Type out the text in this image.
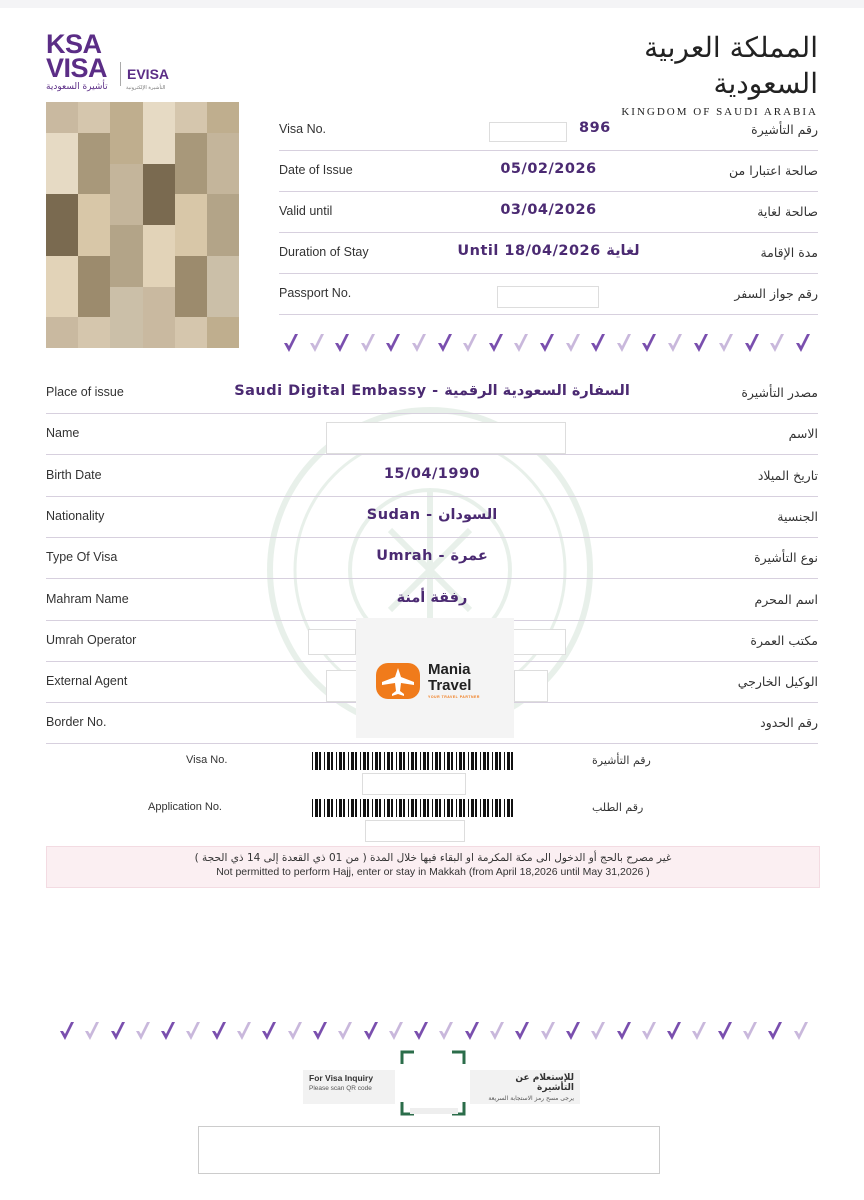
KSA
VISA
تأشيرة السعودية
EVISA
التأشيرة الإلكترونية
المملكة العربية السعودية
KINGDOM OF SAUDI ARABIA
Visa No.	896	رقم التأشيرة
Date of Issue	05/02/2026	صالحة اعتبارا من
Valid until	03/04/2026	صالحة لغاية
Duration of Stay	Until 18/04/2026 لغاية	مدة الإقامة
Passport No.	رقم جواز السفر
Place of issue	Saudi Digital Embassy - السفارة السعودية الرقمية	مصدر التأشيرة
Name	الاسم
Birth Date	15/04/1990	تاريخ الميلاد
Nationality	Sudan - السودان	الجنسية
Type Of Visa	Umrah - عمرة	نوع التأشيرة
Mahram Name	رفقة أمنة	اسم المحرم
Umrah Operator	مكتب العمرة
External Agent	الوكيل الخارجي
Border No.	رقم الحدود
Mania
Travel
YOUR TRAVEL PARTNER
Visa No.	رقم التأشيرة
Application No.	رقم الطلب
غير مصرح بالحج أو الدخول الى مكة المكرمة او البقاء فيها خلال المدة ( من 01 ذي القعدة إلى 14 ذي الحجة )
Not permitted to perform Hajj, enter or stay in Makkah (from April 18,2026 until May 31,2026 )
For Visa Inquiry
Please scan QR code
للإستعلام عن التأشيرة
يرجى مسح رمز الاستجابة السريعة
